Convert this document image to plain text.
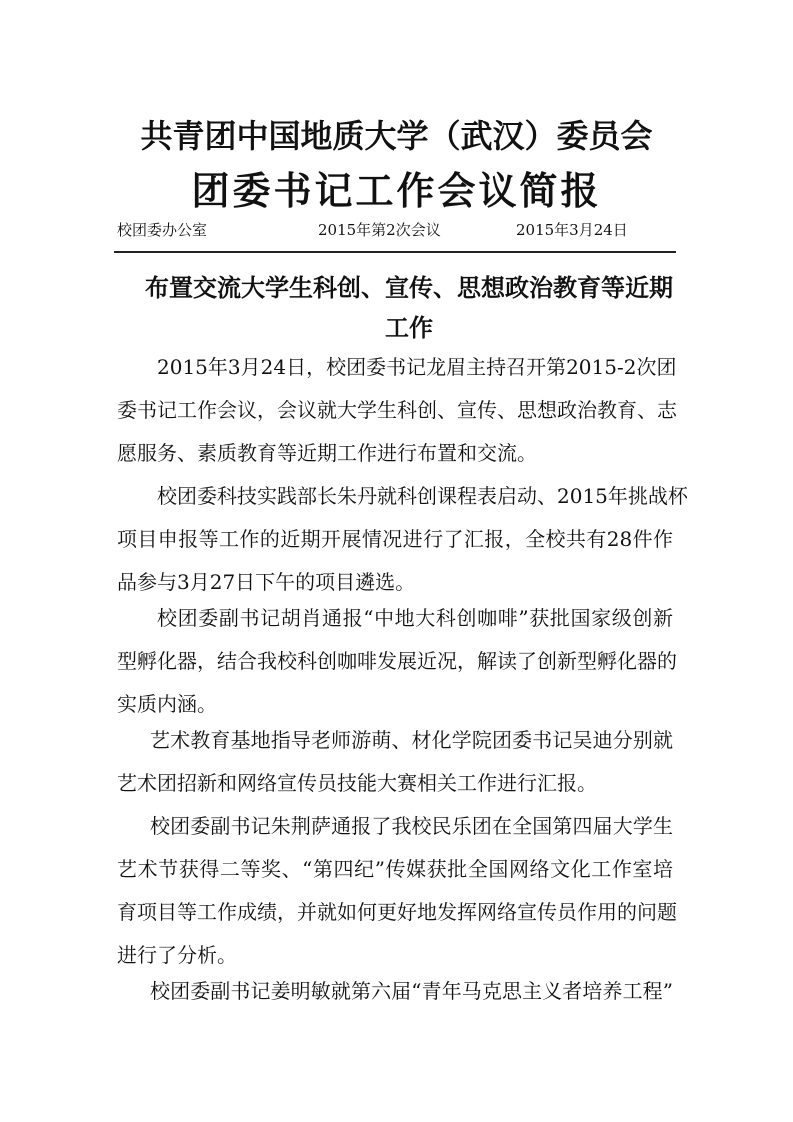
共青团中国地质大学（武汉）委员会
团委书记工作会议简报
校团委办公室	2015年第2次会议	2015年3月24日
布置交流大学生科创、宣传、思想政治教育等近期
工作
2015年3月24日，校团委书记龙眉主持召开第2015-2次团
委书记工作会议，会议就大学生科创、宣传、思想政治教育、志
愿服务、素质教育等近期工作进行布置和交流。
校团委科技实践部长朱丹就科创课程表启动、2015年挑战杯
项目申报等工作的近期开展情况进行了汇报，全校共有28件作
品参与3月27日下午的项目遴选。
校团委副书记胡肖通报“中地大科创咖啡”获批国家级创新
型孵化器，结合我校科创咖啡发展近况，解读了创新型孵化器的
实质内涵。
艺术教育基地指导老师游萌、材化学院团委书记吴迪分别就
艺术团招新和网络宣传员技能大赛相关工作进行汇报。
校团委副书记朱荆萨通报了我校民乐团在全国第四届大学生
艺术节获得二等奖、“第四纪”传媒获批全国网络文化工作室培
育项目等工作成绩，并就如何更好地发挥网络宣传员作用的问题
进行了分析。
校团委副书记姜明敏就第六届“青年马克思主义者培养工程”
